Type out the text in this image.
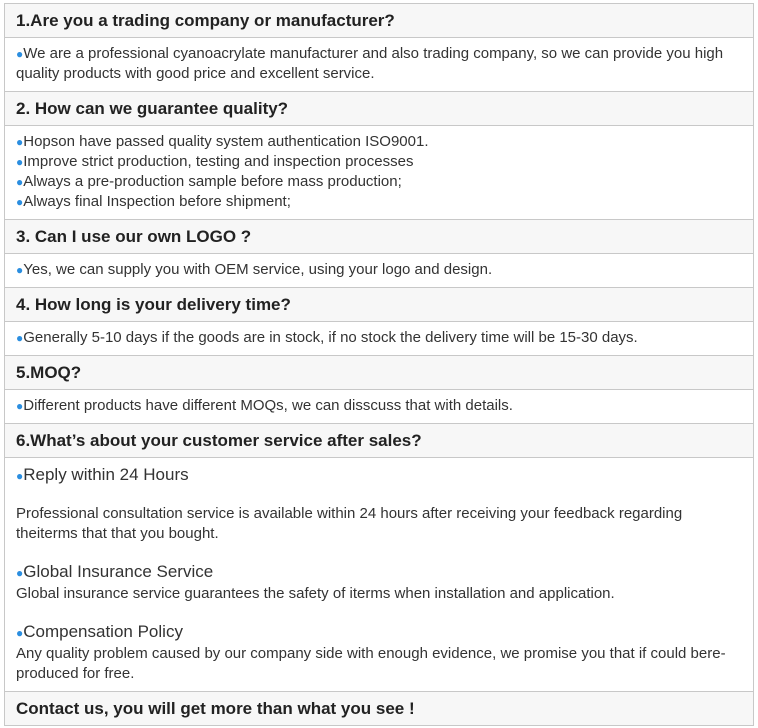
1.Are you a trading company or manufacturer?

●We are a professional cyanoacrylate manufacturer and also trading company, so we can provide you high quality products with good price and excellent service.

2. How can we guarantee quality?

●Hopson have passed quality system authentication ISO9001.
●Improve strict production, testing and inspection processes
●Always a pre-production sample before mass production;
●Always final Inspection before shipment;

3. Can I use our own LOGO ?

●Yes, we can supply you with OEM service, using your logo and design.

4. How long is your delivery time?

●Generally 5-10 days if the goods are in stock, if no stock the delivery time will be 15-30 days.

5.MOQ?

●Different products have different MOQs, we can disscuss that with details.

6.What’s about your customer service after sales?

●Reply within 24 Hours
Professional consultation service is available within 24 hours after receiving your feedback regarding theiterms that that you bought.
●Global Insurance Service
Global insurance service guarantees the safety of iterms when installation and application.
●Compensation Policy
Any quality problem caused by our company side with enough evidence, we promise you that if could bere-produced for free.

Contact us, you will get more than what you see !
